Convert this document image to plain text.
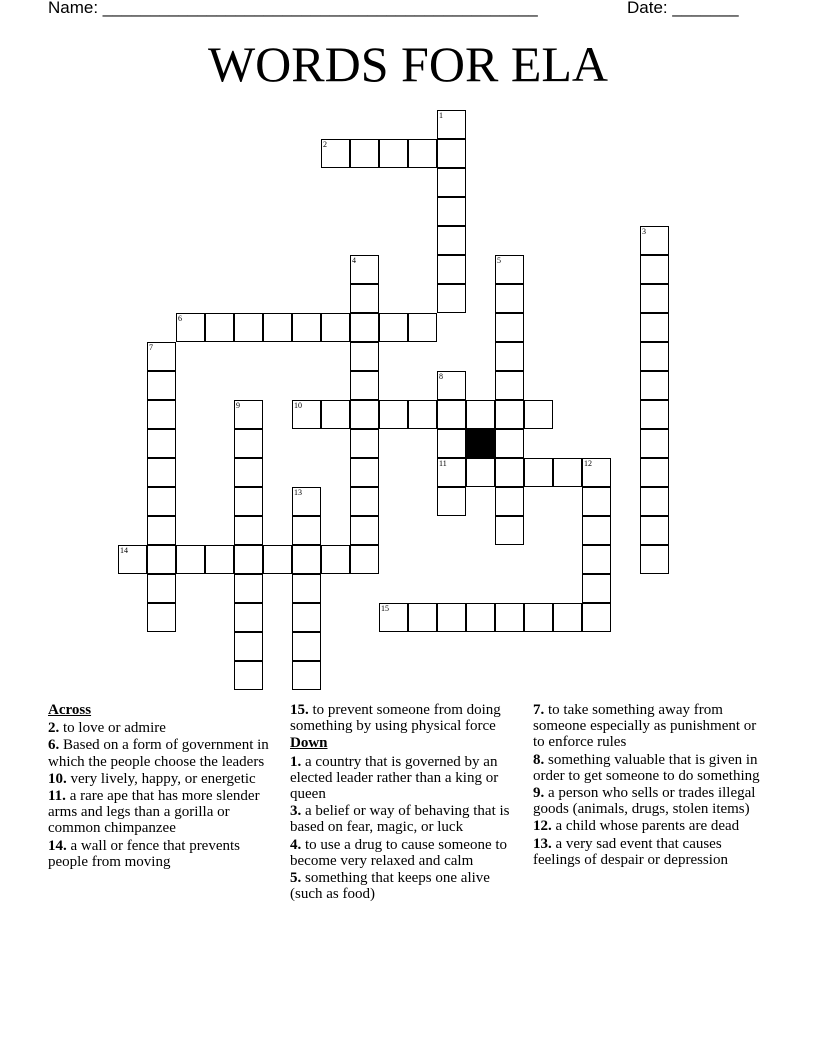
Name: ______________________________________________	Date: _______
WORDS FOR ELA
1
2
3
4	5
6
7
8
9	10
11	12
13
14
15
Across
2. to love or admire
6. Based on a form of government in which the people choose the leaders
10. very lively, happy, or energetic
11. a rare ape that has more slender arms and legs than a gorilla or common chimpanzee
14. a wall or fence that prevents people from moving
15. to prevent someone from doing something by using physical force
Down
1. a country that is governed by an elected leader rather than a king or queen
3. a belief or way of behaving that is based on fear, magic, or luck
4. to use a drug to cause someone to become very relaxed and calm
5. something that keeps one alive (such as food)
7. to take something away from someone especially as punishment or to enforce rules
8. something valuable that is given in order to get someone to do something
9. a person who sells or trades illegal goods (animals, drugs, stolen items)
12. a child whose parents are dead
13. a very sad event that causes feelings of despair or depression
